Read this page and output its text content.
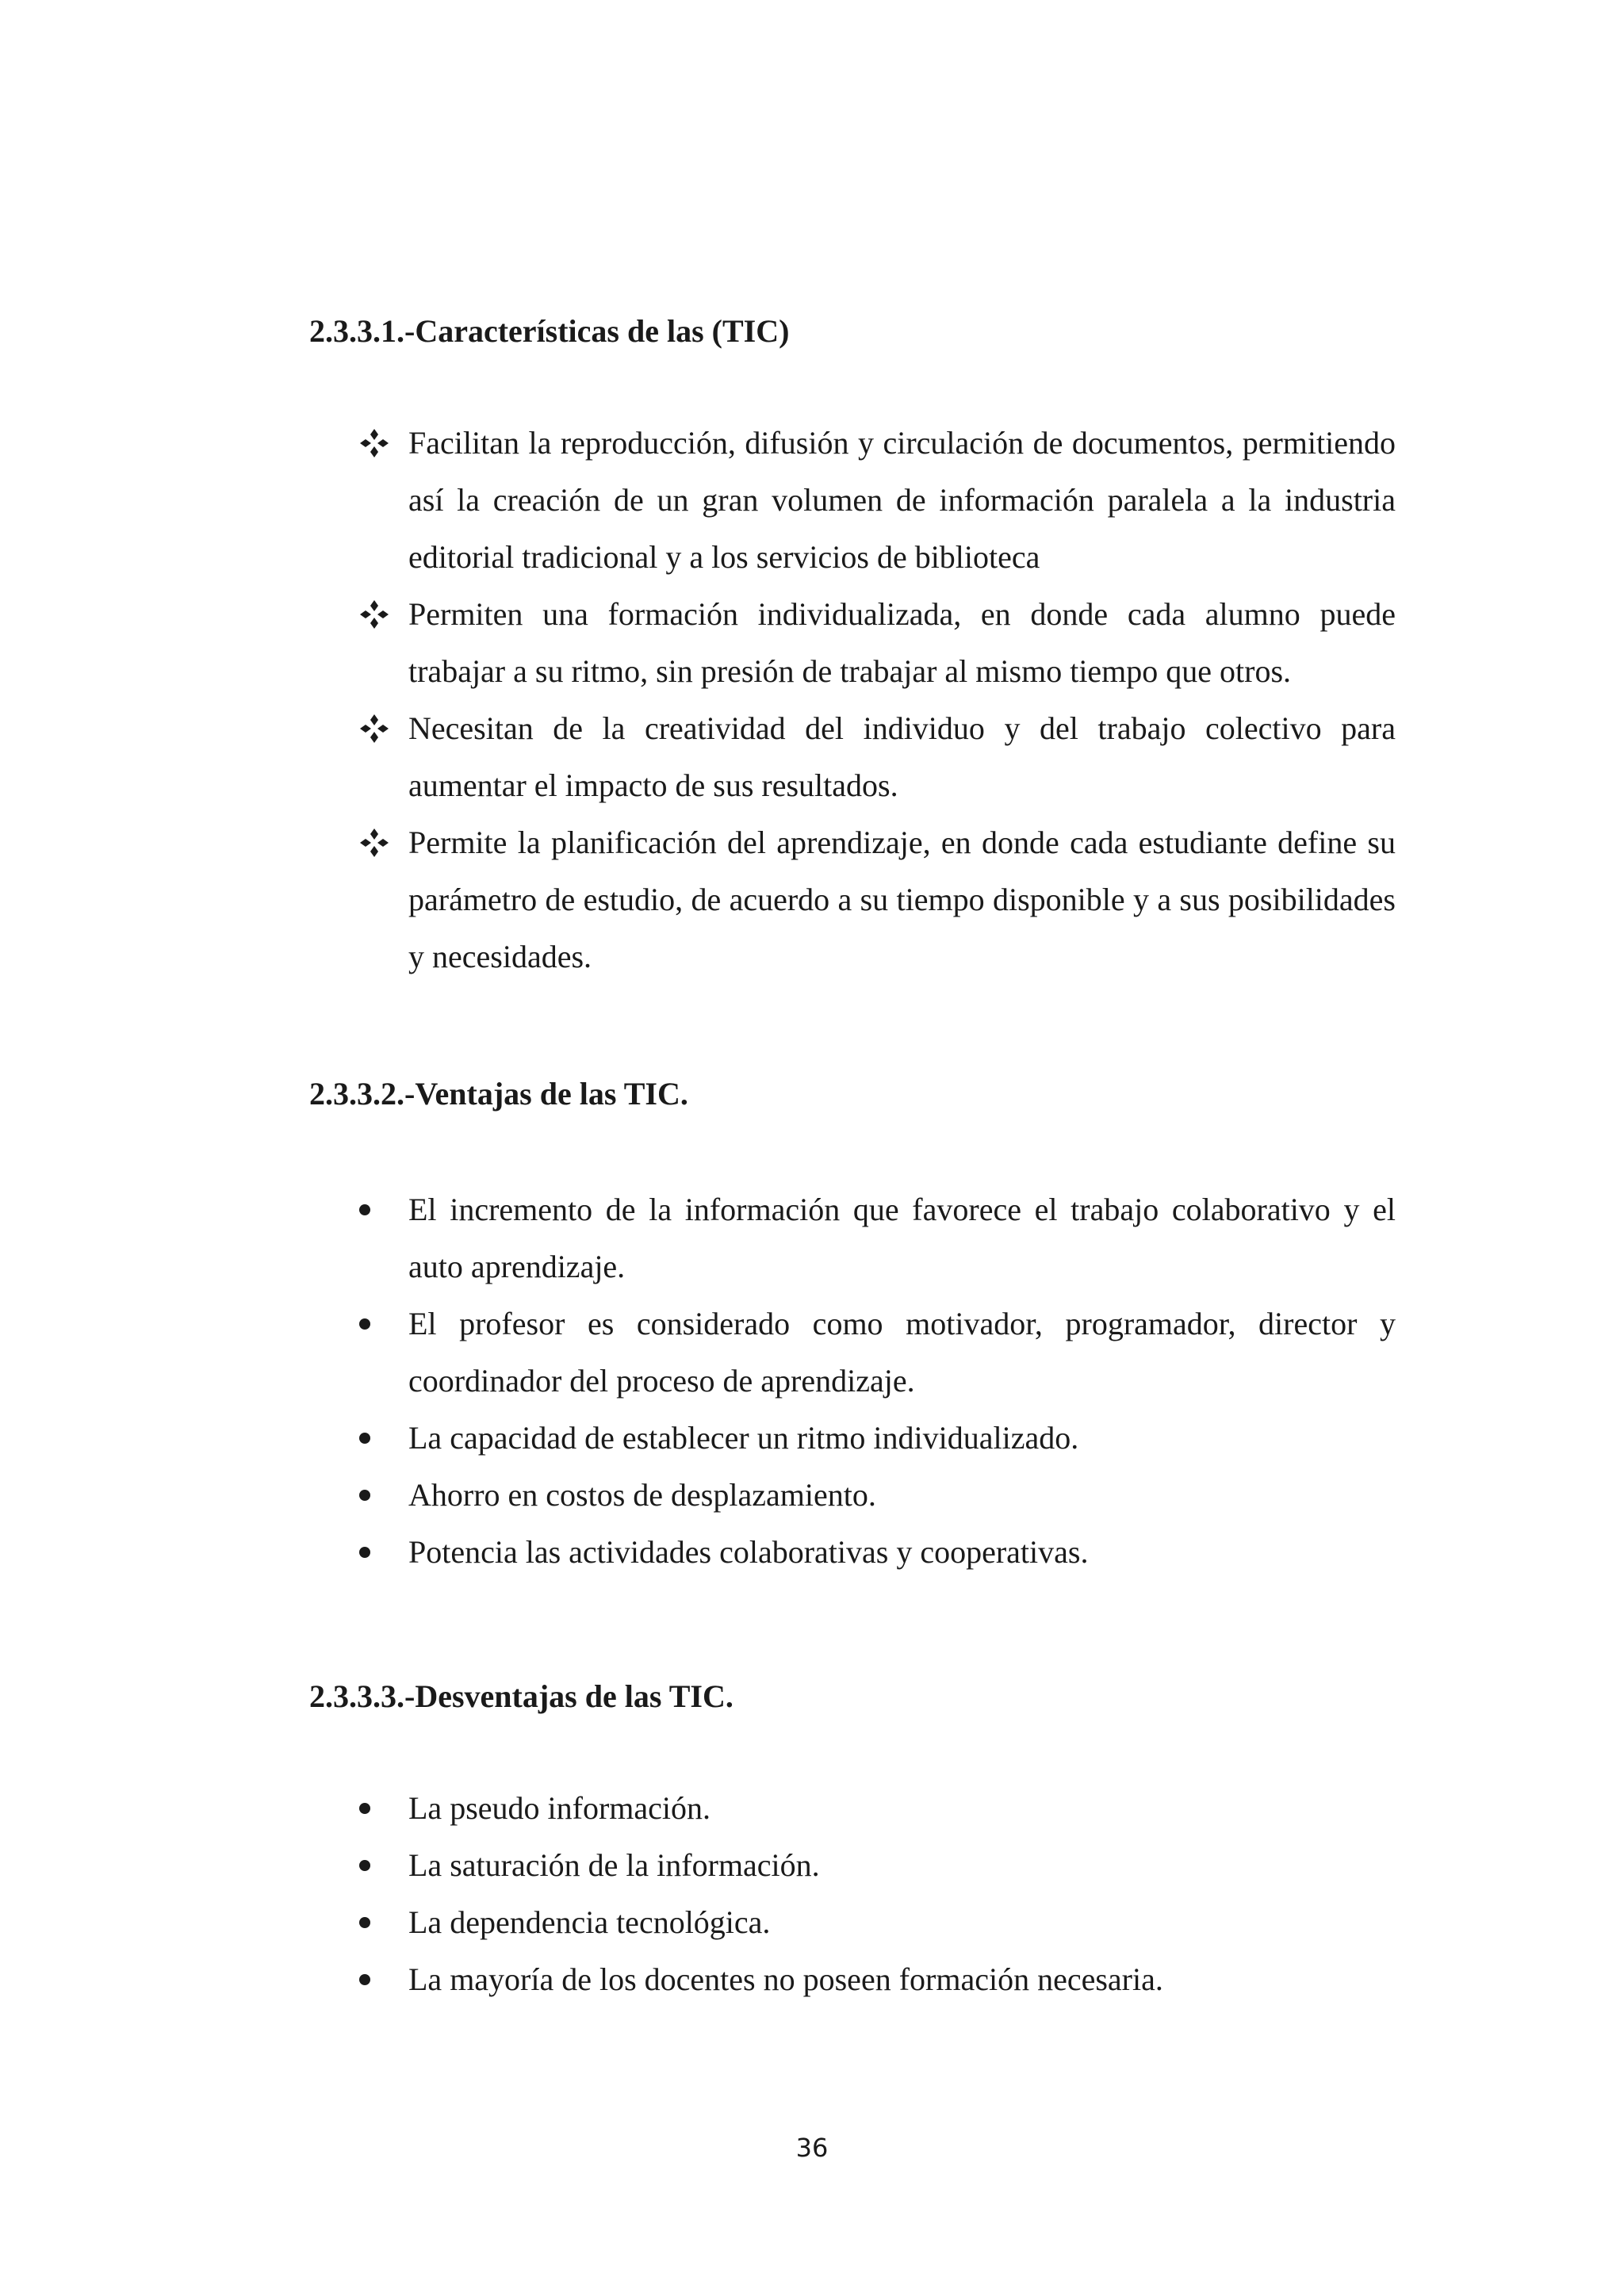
2.3.3.1.-Características de las (TIC)
Facilitan la reproducción, difusión y circulación de documentos, permitiendo así la creación de un gran volumen de información paralela a la industria editorial tradicional y a los servicios de biblioteca
Permiten una formación individualizada, en donde cada alumno puede trabajar a su ritmo, sin presión de trabajar al mismo tiempo que otros.
Necesitan de la creatividad del individuo y del trabajo colectivo para aumentar el impacto de sus resultados.
Permite la planificación del aprendizaje, en donde cada estudiante define su parámetro de estudio, de acuerdo a su tiempo disponible y a sus posibilidades y necesidades.
2.3.3.2.-Ventajas de las TIC.
El incremento de la información que favorece el trabajo colaborativo y el auto aprendizaje.
El profesor es considerado como motivador, programador, director y coordinador del proceso de aprendizaje.
La capacidad de establecer un ritmo individualizado.
Ahorro en costos de desplazamiento.
Potencia las actividades colaborativas y cooperativas.
2.3.3.3.-Desventajas de las TIC.
La pseudo información.
La saturación de la información.
La dependencia tecnológica.
La mayoría de los docentes no poseen formación necesaria.
36
